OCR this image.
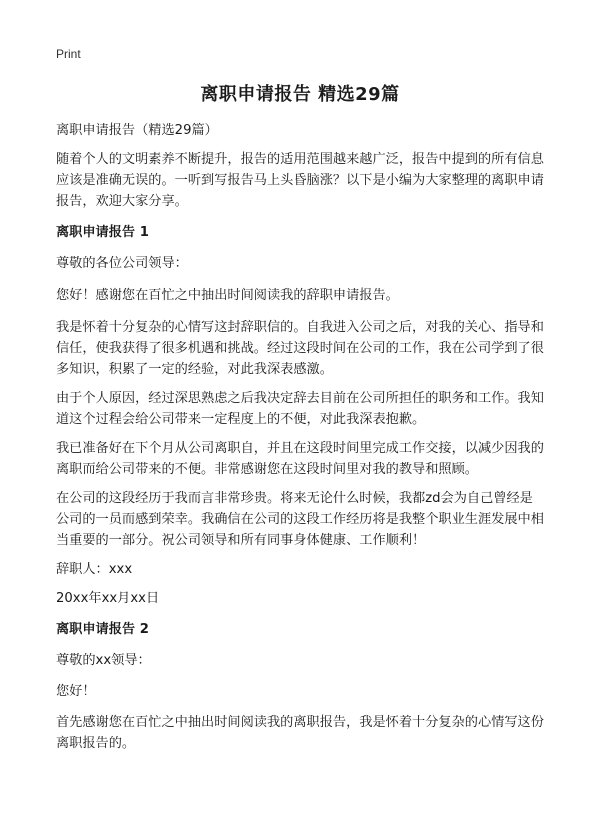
Print
离职申请报告 精选29篇

离职申请报告（精选29篇）

随着个人的文明素养不断提升，报告的适用范围越来越广泛，报告中提到的所有信息应该是准确无误的。一听到写报告马上头昏脑涨？以下是小编为大家整理的离职申请报告，欢迎大家分享。

离职申请报告 1

尊敬的各位公司领导：

您好！感谢您在百忙之中抽出时间阅读我的辞职申请报告。

我是怀着十分复杂的心情写这封辞职信的。自我进入公司之后，对我的关心、指导和信任，使我获得了很多机遇和挑战。经过这段时间在公司的工作，我在公司学到了很多知识，积累了一定的经验，对此我深表感激。

由于个人原因，经过深思熟虑之后我决定辞去目前在公司所担任的职务和工作。我知道这个过程会给公司带来一定程度上的不便，对此我深表抱歉。

我已准备好在下个月从公司离职自，并且在这段时间里完成工作交接，以减少因我的离职而给公司带来的不便。非常感谢您在这段时间里对我的教导和照顾。

在公司的这段经历于我而言非常珍贵。将来无论什么时候，我都zd会为自己曾经是公司的一员而感到荣幸。我确信在公司的这段工作经历将是我整个职业生涯发展中相当重要的一部分。祝公司领导和所有同事身体健康、工作顺利！

辞职人：xxx

20xx年xx月xx日

离职申请报告 2

尊敬的xx领导：

您好！

首先感谢您在百忙之中抽出时间阅读我的离职报告，我是怀着十分复杂的心情写这份离职报告的。
